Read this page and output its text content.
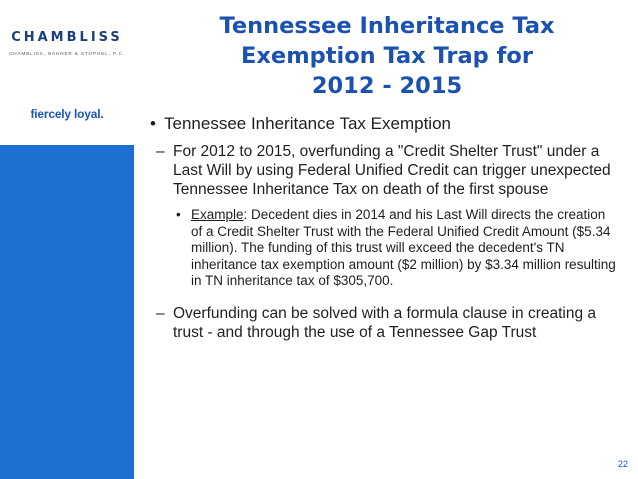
CHAMBLISS
CHAMBLISS, BAHNER & STOPHEL, P.C.
fiercely loyal.
Tennessee Inheritance Tax
Exemption Tax Trap for
2012 - 2015
• Tennessee Inheritance Tax Exemption
– For 2012 to 2015, overfunding a "Credit Shelter Trust" under a Last Will by using Federal Unified Credit can trigger unexpected Tennessee Inheritance Tax on death of the first spouse
• Example: Decedent dies in 2014 and his Last Will directs the creation of a Credit Shelter Trust with the Federal Unified Credit Amount ($5.34 million). The funding of this trust will exceed the decedent's TN inheritance tax exemption amount ($2 million) by $3.34 million resulting in TN inheritance tax of $305,700.
– Overfunding can be solved with a formula clause in creating a trust - and through the use of a Tennessee Gap Trust
22
